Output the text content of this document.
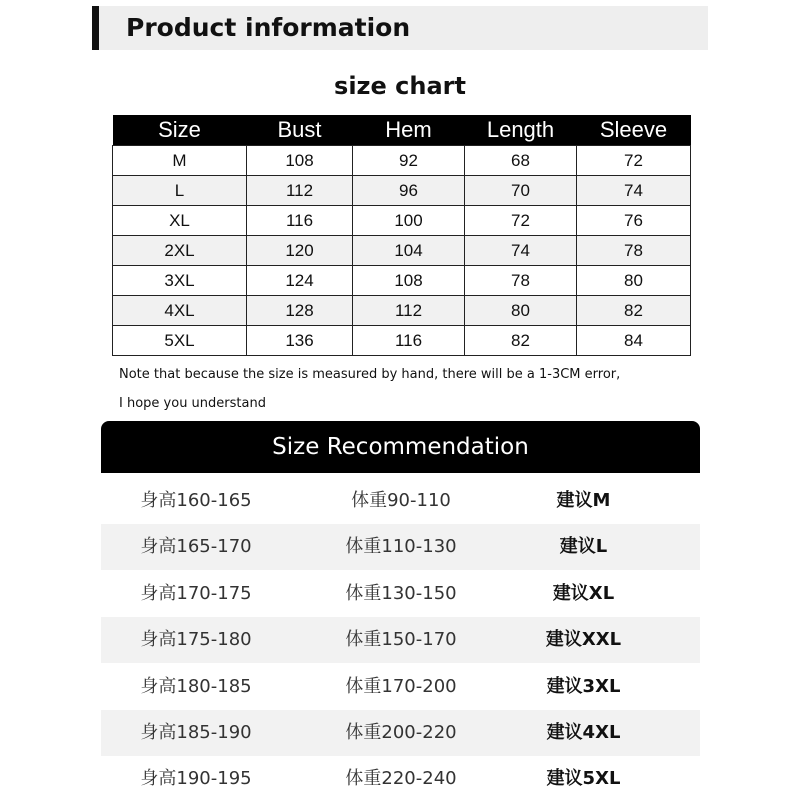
Product information
size chart
Size	Bust	Hem	Length	Sleeve
M	108	92	68	72
L	112	96	70	74
XL	116	100	72	76
2XL	120	104	74	78
3XL	124	108	78	80
4XL	128	112	80	82
5XL	136	116	82	84
Note that because the size is measured by hand, there will be a 1-3CM error,
I hope you understand
Size Recommendation
身高160-165	体重90-110	建议M
身高165-170	体重110-130	建议L
身高170-175	体重130-150	建议XL
身高175-180	体重150-170	建议XXL
身高180-185	体重170-200	建议3XL
身高185-190	体重200-220	建议4XL
身高190-195	体重220-240	建议5XL
